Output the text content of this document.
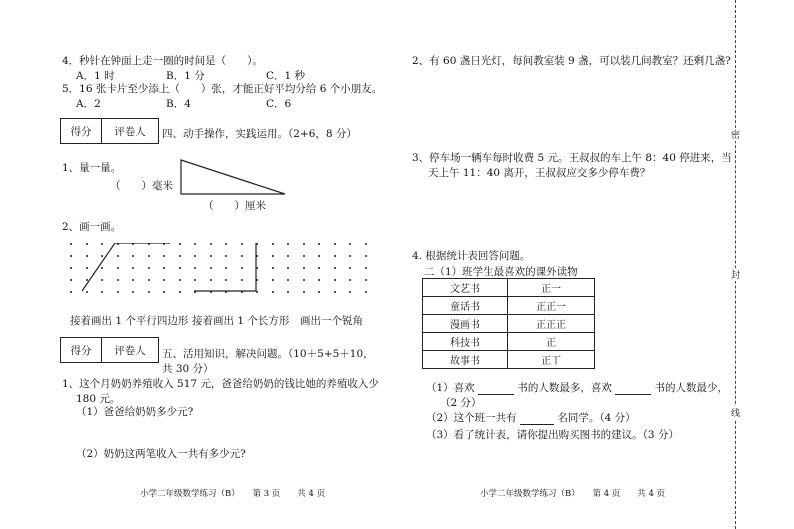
4．秒针在钟面上走一圈的时间是（　　）。
A．1 时	B．1 分	C．1 秒
5．16 张卡片至少添上（　　）张，才能正好平均分给 6 个小朋友。
A．2	B．4	C．6
得分	评卷人	四、动手操作，实践运用。（2+6，8 分）
1、量一量。
（　　）毫米
（　　）厘米
2、画一画。
接着画出 1 个平行四边形 接着画出 1 个长方形 画出一个锐角
得分	评卷人	五、活用知识，解决问题。（10＋5+5＋10，
共 30 分）
1、这个月奶奶养殖收入 517 元，爸爸给奶奶的钱比她的养殖收入少
180 元。
（1）爸爸给奶奶多少元?
（2）奶奶这两笔收入一共有多少元?
小学二年级数学练习（B）　　第 3 页　　共 4 页
2、有 60 盏日光灯，每间教室装 9 盏，可以装几间教室？还剩几盏?
3、停车场一辆车每时收费 5 元。王叔叔的车上午 8：40 停进来，当
天上午 11：40 离开，王叔叔应交多少停车费？
4. 根据统计表回答问题。
二（1）班学生最喜欢的课外读物
文艺书	正一
童话书	正正一
漫画书	正正正
科技书	正
故事书	正丅
（1）喜欢	书的人数最多，喜欢	书的人数最少，
（2 分）
（2）这个班一共有	名同学。（4 分）
（3）看了统计表，请你提出购买图书的建议。（3 分）
小学二年级数学练习（B）　　第 4 页　　共 4 页
密
封
线
